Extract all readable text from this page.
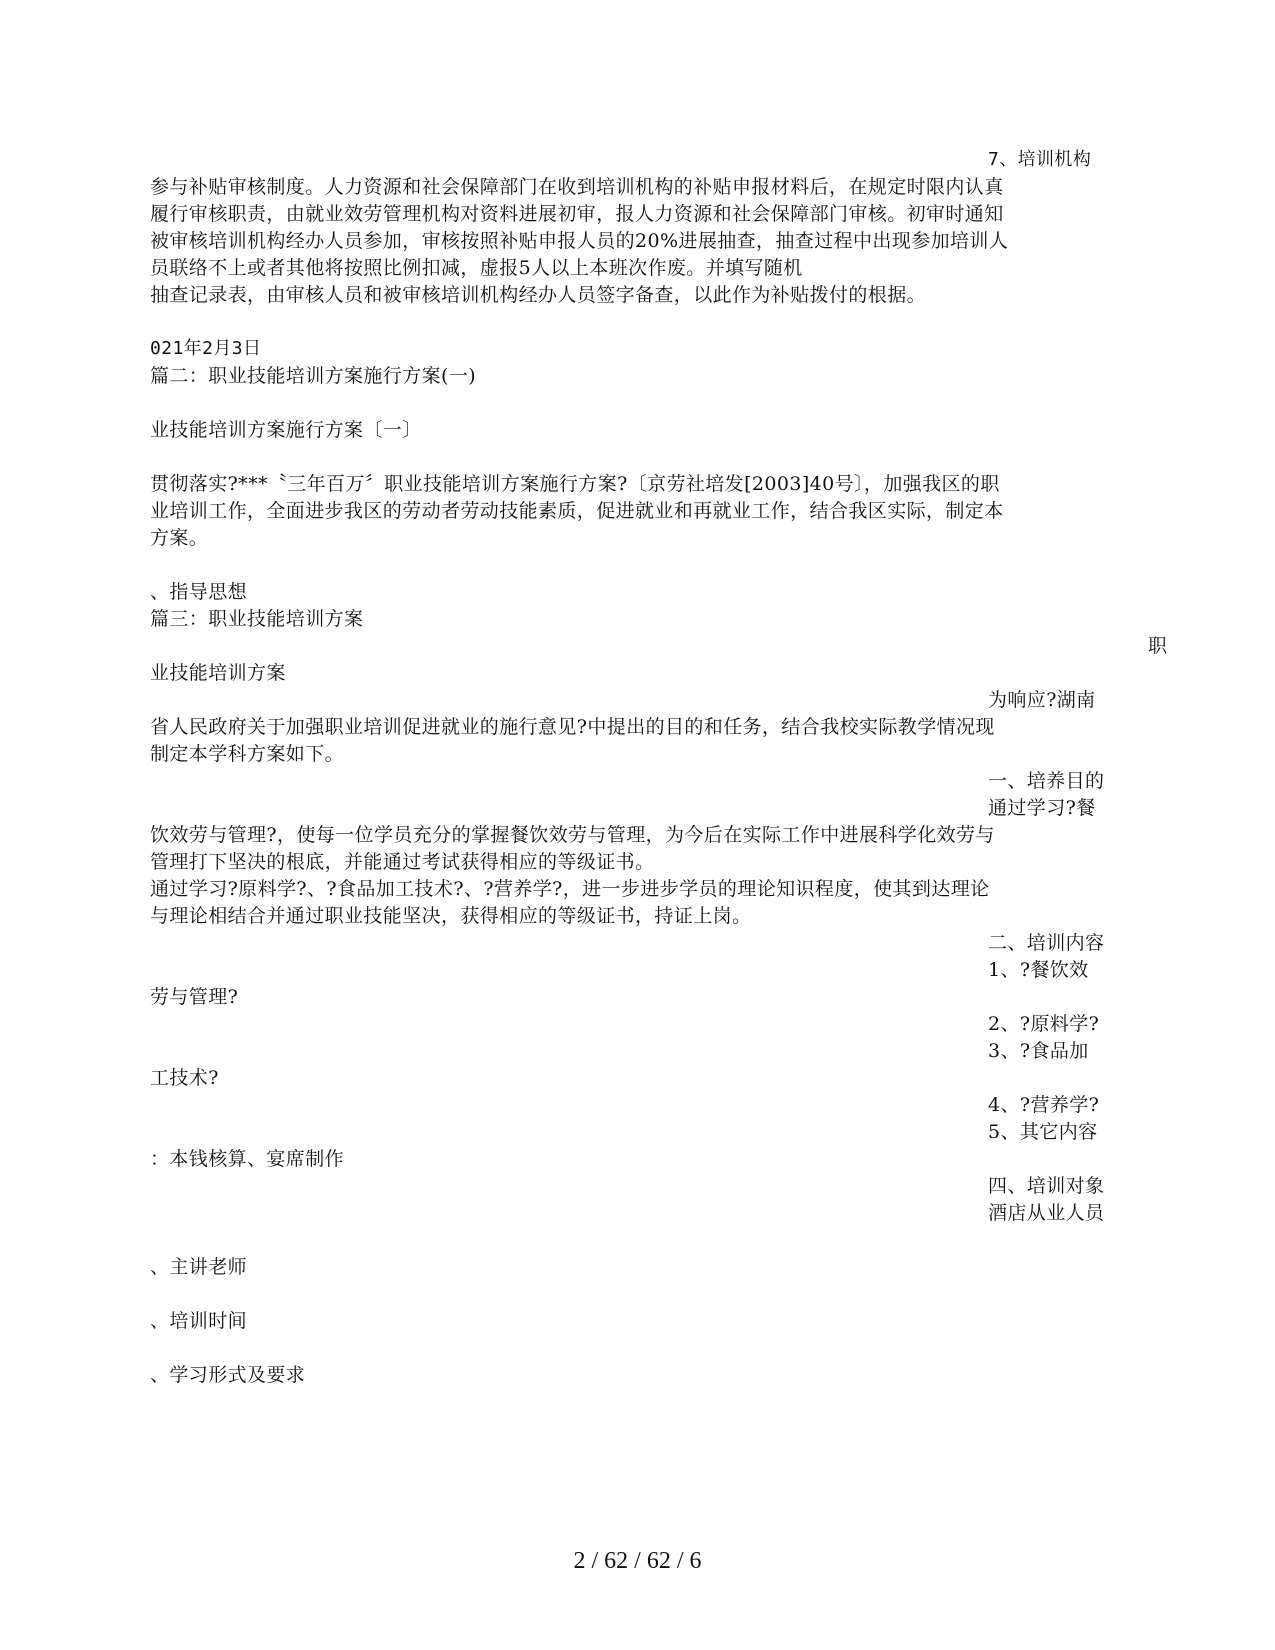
7、培训机构
参与补贴审核制度。人力资源和社会保障部门在收到培训机构的补贴申报材料后，在规定时限内认真
履行审核职责，由就业效劳管理机构对资料进展初审，报人力资源和社会保障部门审核。初审时通知
被审核培训机构经办人员参加，审核按照补贴申报人员的20%进展抽查，抽查过程中出现参加培训人
员联络不上或者其他将按照比例扣减，虚报5人以上本班次作废。并填写随机
抽查记录表，由审核人员和被审核培训机构经办人员签字备查，以此作为补贴拨付的根据。
021年2月3日
篇二：职业技能培训方案施行方案(一)
业技能培训方案施行方案〔一〕
贯彻落实?***〝三年百万〞职业技能培训方案施行方案?〔京劳社培发[2003]40号〕，加强我区的职
业培训工作，全面进步我区的劳动者劳动技能素质，促进就业和再就业工作，结合我区实际，制定本
方案。
、指导思想
篇三：职业技能培训方案
职
业技能培训方案
为响应?湖南
省人民政府关于加强职业培训促进就业的施行意见?中提出的目的和任务，结合我校实际教学情况现
制定本学科方案如下。
一、培养目的
通过学习?餐
饮效劳与管理?，使每一位学员充分的掌握餐饮效劳与管理，为今后在实际工作中进展科学化效劳与
管理打下坚决的根底，并能通过考试获得相应的等级证书。
通过学习?原料学?、?食品加工技术?、?营养学?，进一步进步学员的理论知识程度，使其到达理论
与理论相结合并通过职业技能坚决，获得相应的等级证书，持证上岗。
二、培训内容
1、?餐饮效
劳与管理?
2、?原料学?
3、?食品加
工技术?
4、?营养学?
5、其它内容
：本钱核算、宴席制作
四、培训对象
酒店从业人员
、主讲老师
、培训时间
、学习形式及要求
2 / 62 / 62 / 6
